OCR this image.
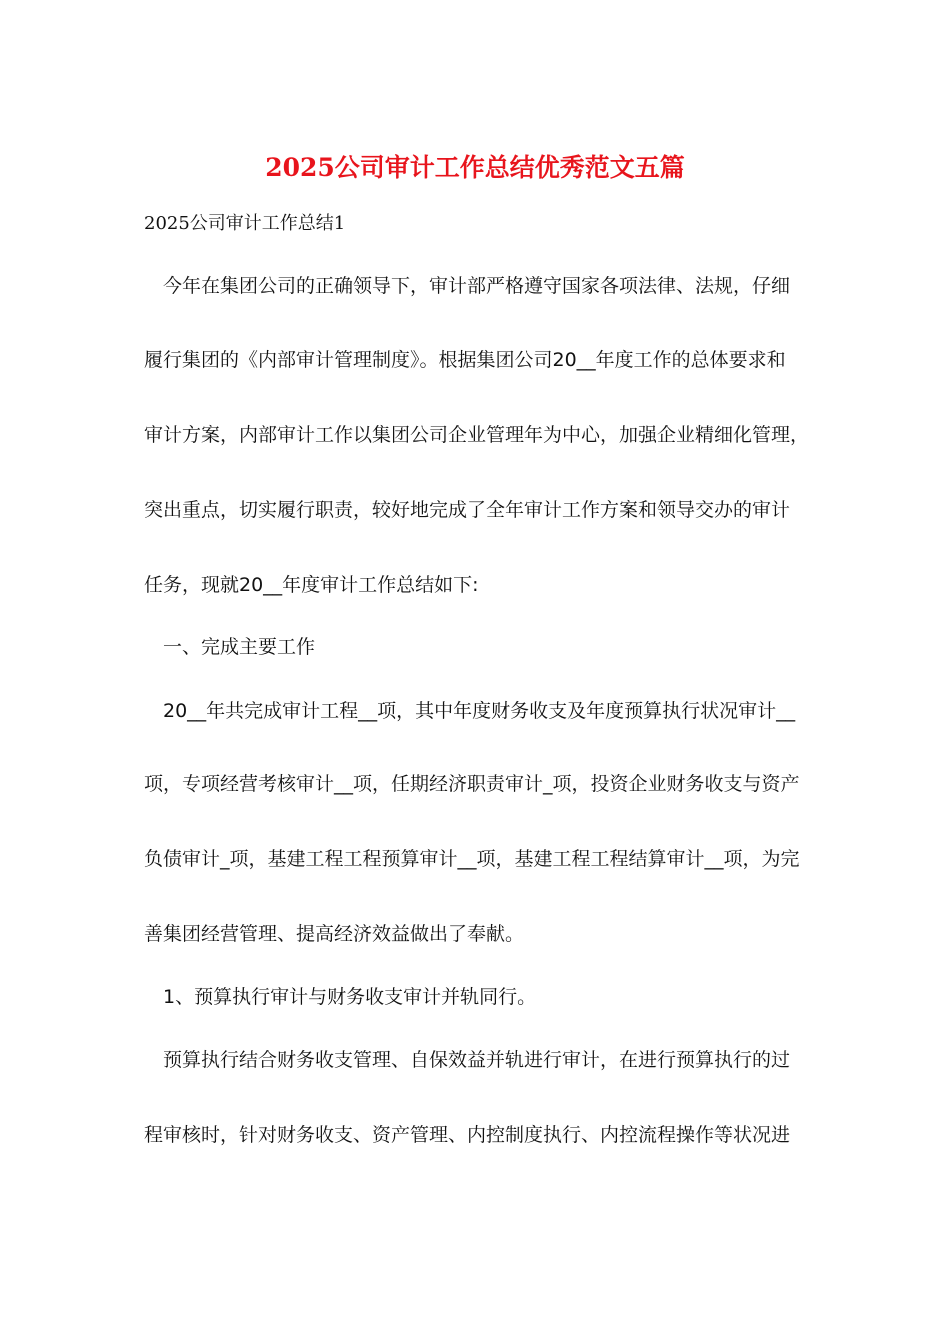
2025公司审计工作总结优秀范文五篇
2025公司审计工作总结1
今年在集团公司的正确领导下，审计部严格遵守国家各项法律、法规，仔细
履行集团的《内部审计管理制度》。根据集团公司20__年度工作的总体要求和
审计方案，内部审计工作以集团公司企业管理年为中心，加强企业精细化管理，
突出重点，切实履行职责，较好地完成了全年审计工作方案和领导交办的审计
任务，现就20__年度审计工作总结如下:
一、完成主要工作
20__年共完成审计工程__项，其中年度财务收支及年度预算执行状况审计__
项，专项经营考核审计__项，任期经济职责审计_项，投资企业财务收支与资产
负债审计_项，基建工程工程预算审计__项，基建工程工程结算审计__项，为完
善集团经营管理、提高经济效益做出了奉献。
1、预算执行审计与财务收支审计并轨同行。
预算执行结合财务收支管理、自保效益并轨进行审计，在进行预算执行的过
程审核时，针对财务收支、资产管理、内控制度执行、内控流程操作等状况进
